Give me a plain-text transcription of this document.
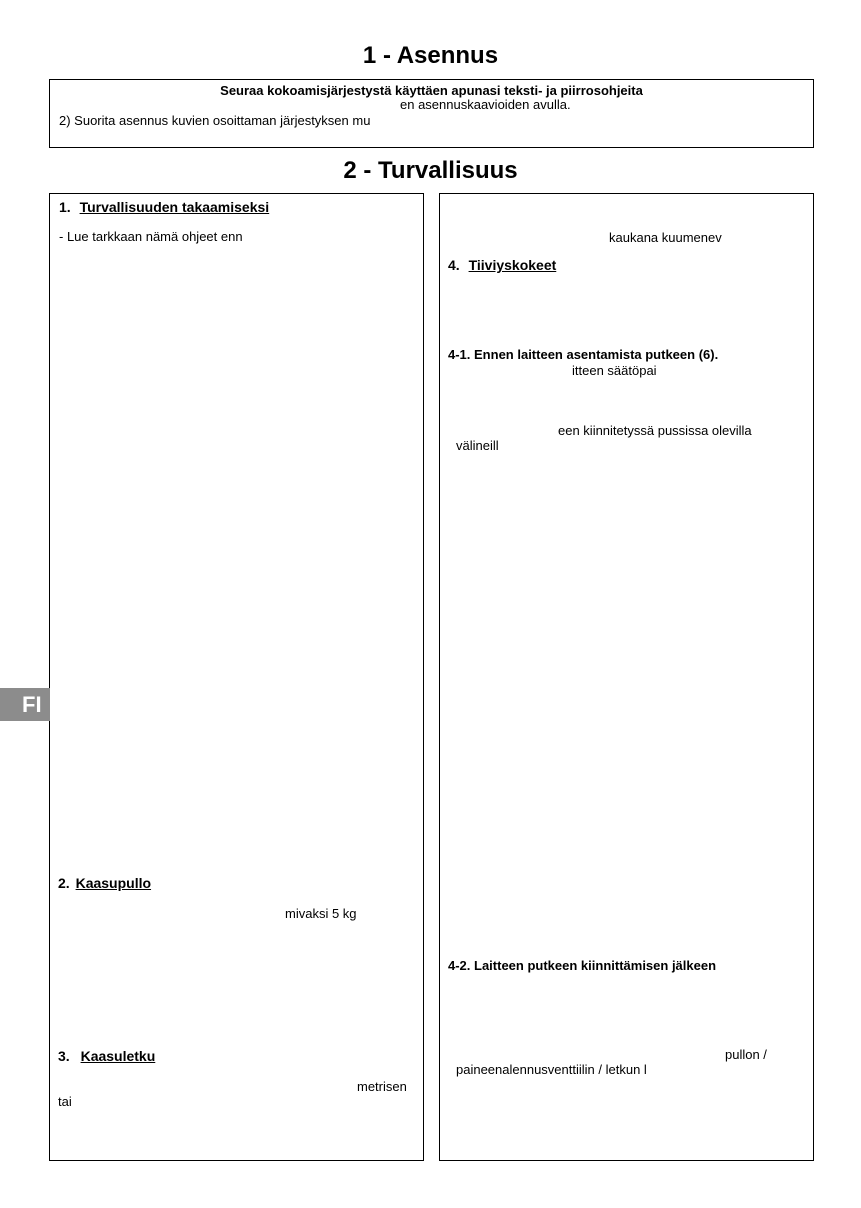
1 - Asennus
Seuraa kokoamisjärjestystä käyttäen apunasi teksti- ja piirrosohjeita
en asennuskaavioiden avulla.
2) Suorita asennus kuvien osoittaman järjestyksen mu
2 - Turvallisuus
1. Turvallisuuden takaamiseksi
- Lue tarkkaan nämä ohjeet enn
2. Kaasupullo
mivaksi 5 kg
3. Kaasuletku
metrisen
tai
kaukana kuumenev
4. Tiiviyskokeet
4-1. Ennen laitteen asentamista putkeen (6).
itteen säätöpai
een kiinnitetyssä pussissa olevilla
välineill
4-2. Laitteen putkeen kiinnittämisen jälkeen
pullon /
paineenalennusventtiilin / letkun l
FI
